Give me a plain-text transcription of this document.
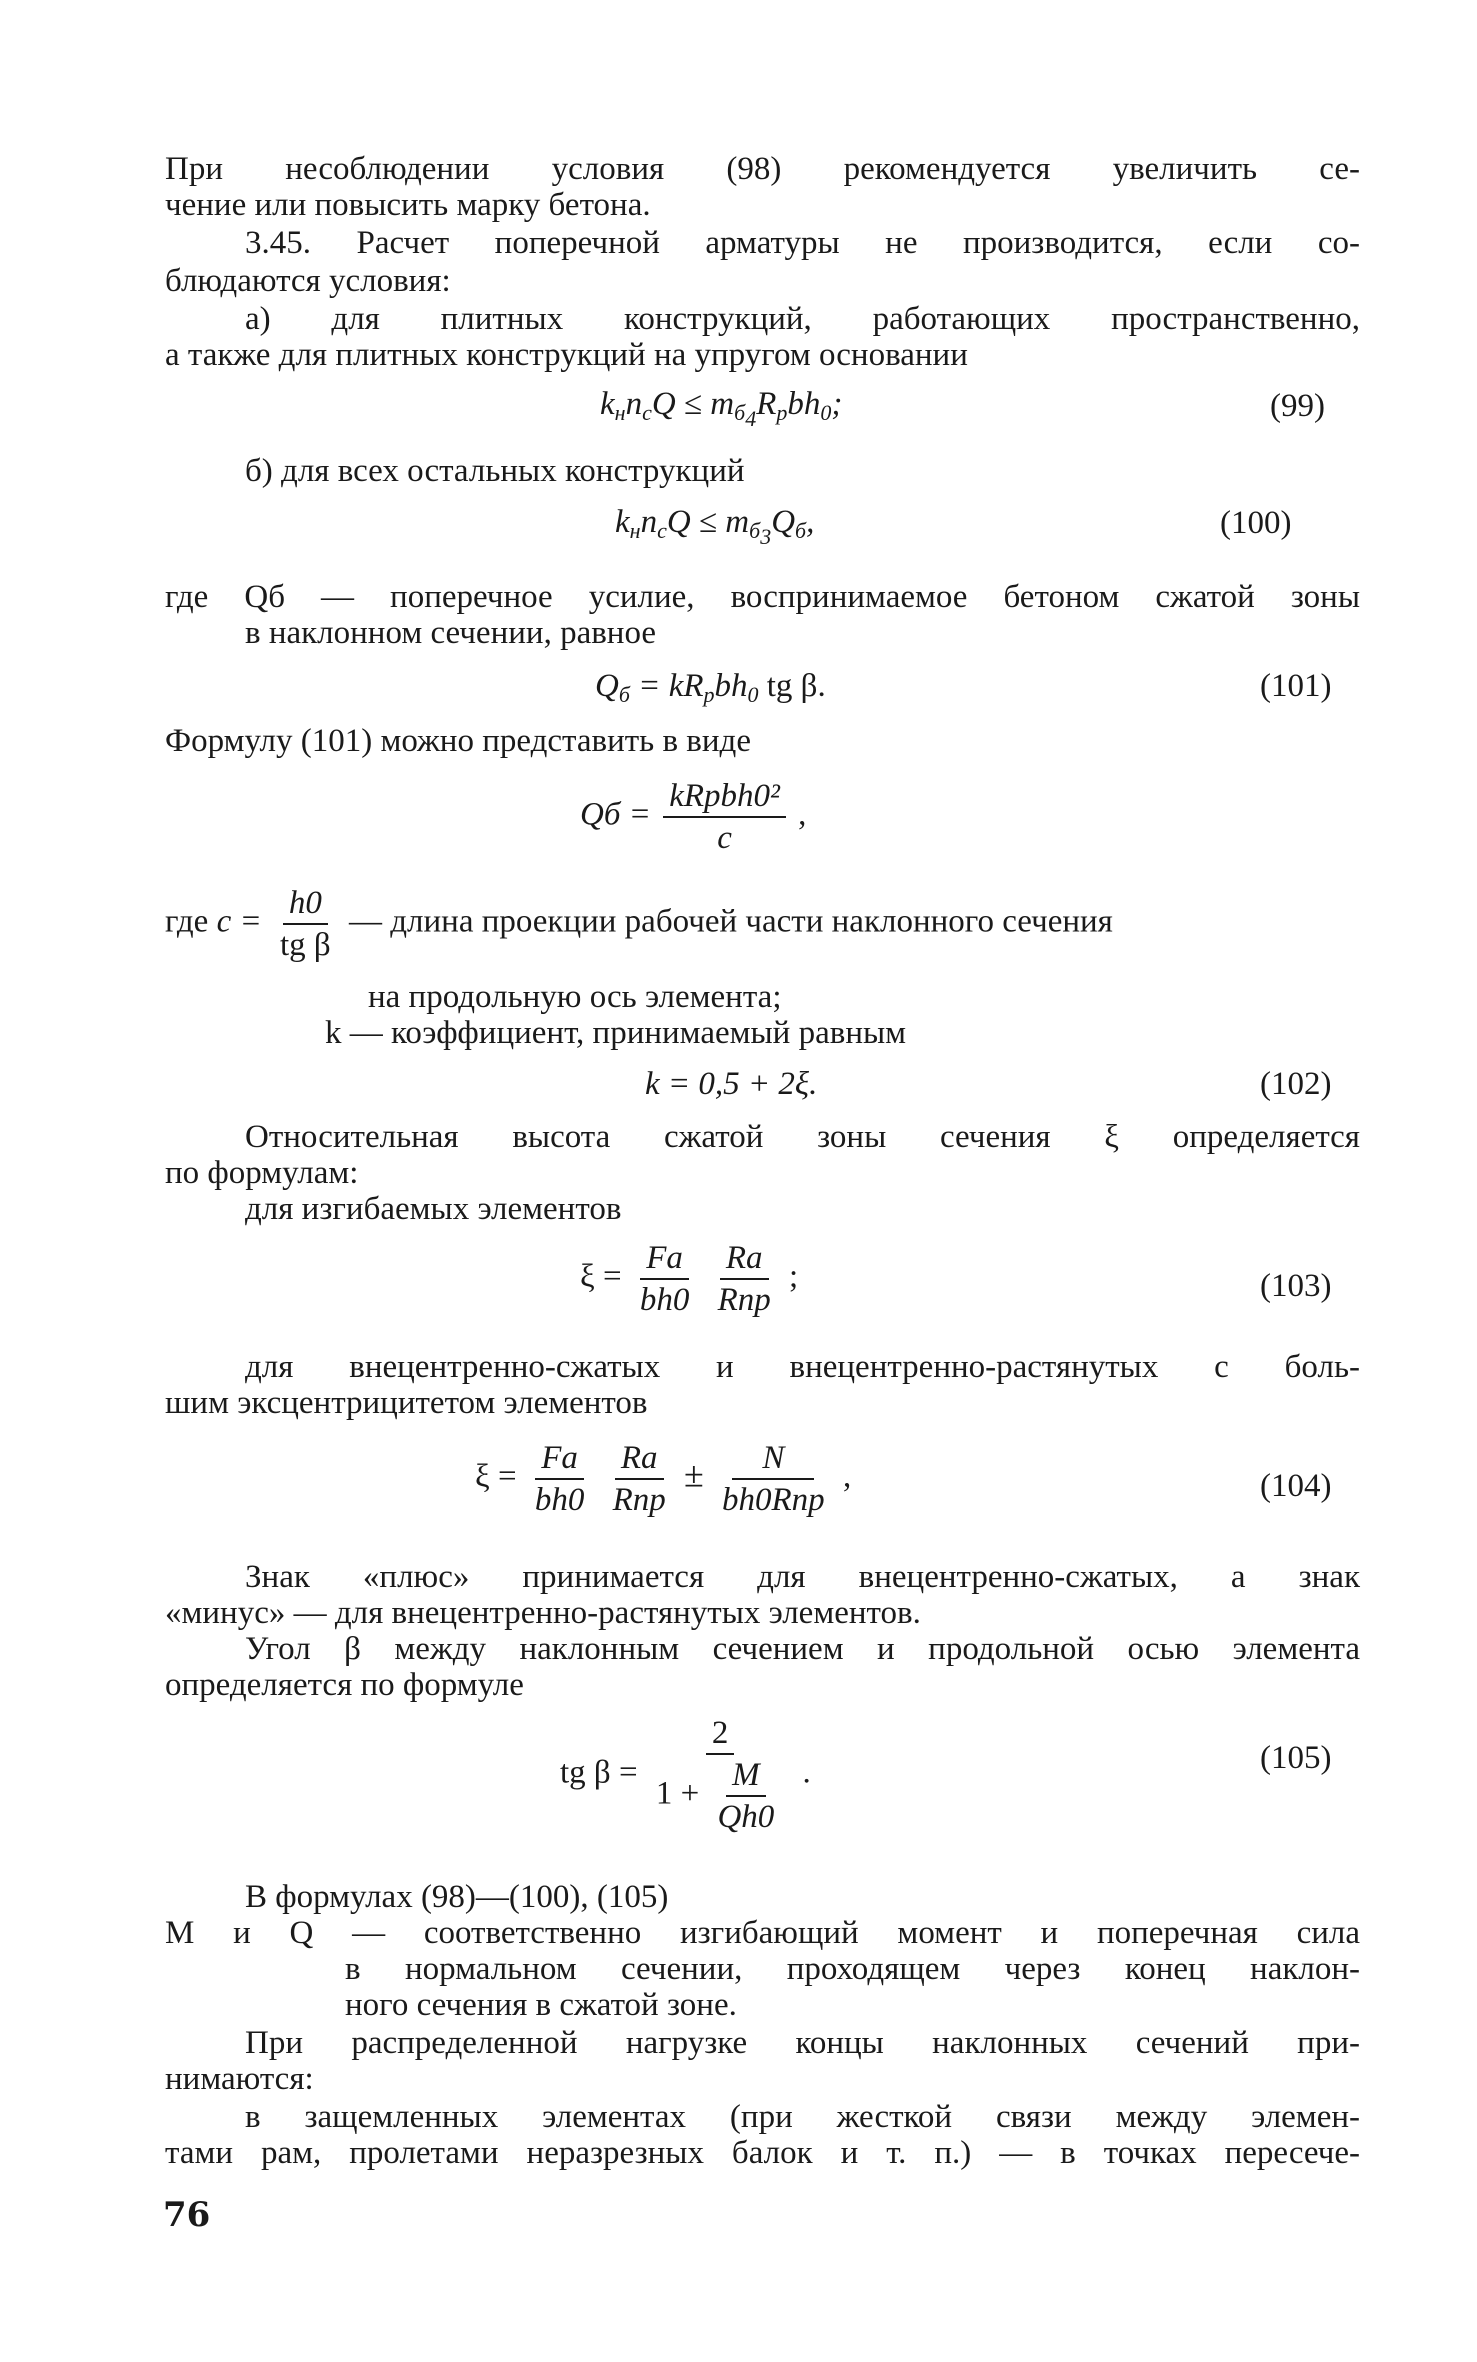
При несоблюдении условия (98) рекомендуется увеличить се-
чение или повысить марку бетона.
3.45. Расчет поперечной арматуры не производится, если со-
блюдаются условия:
а) для плитных конструкций, работающих пространственно,
а также для плитных конструкций на упругом основании
$k_нn_cQ \le m_{б_4}R_pbh_0$;	(99)
б) для всех остальных конструкций
$k_нn_cQ \le m_{б_3}Q_б$,	(100)
где Qб — поперечное усилие, воспринимаемое бетоном сжатой зоны
в наклонном сечении, равное
$Q_б = kR_pbh_0$ tg β.	(101)
Формулу (101) можно представить в виде
Qб = $\frac{\text{kRpbh0²}}{c}$ ,
где $c = \frac{h0}{\text{tg β}}$ — длина проекции рабочей части наклонного сечения
на продольную ось элемента;
k — коэффициент, принимаемый равным
k = 0,5 + 2ξ.	(102)
Относительная высота сжатой зоны сечения ξ определяется
по формулам:
для изгибаемых элементов
$\xi = \frac{Fa}{bh0}$
$\frac{Ra}{\text{Rпр}}$ ;	(103)
для внецентренно-сжатых и внецентренно-растянутых с боль-
шим эксцентрицитетом элементов
$\xi = \frac{Fa}{bh0}$
$\frac{Ra}{\text{Rпр}} \pm \frac{N}{\text{bh0Rпр}}$ ,	(104)
Знак «плюс» принимается для внецентренно-сжатых, а знак
«минус» — для внецентренно-растянутых элементов.
Угол β между наклонным сечением и продольной осью элемента
определяется по формуле
tg $\beta = \frac{2}{1 + \frac{M}{Qh0}}$ .	(105)
В формулах (98)—(100), (105)
M и Q — соответственно изгибающий момент и поперечная сила
в нормальном сечении, проходящем через конец наклон-
ного сечения в сжатой зоне.
При распределенной нагрузке концы наклонных сечений при-
нимаются:
в защемленных элементах (при жесткой связи между элемен-
тами рам, пролетами неразрезных балок и т. п.) — в точках пересече-
76
